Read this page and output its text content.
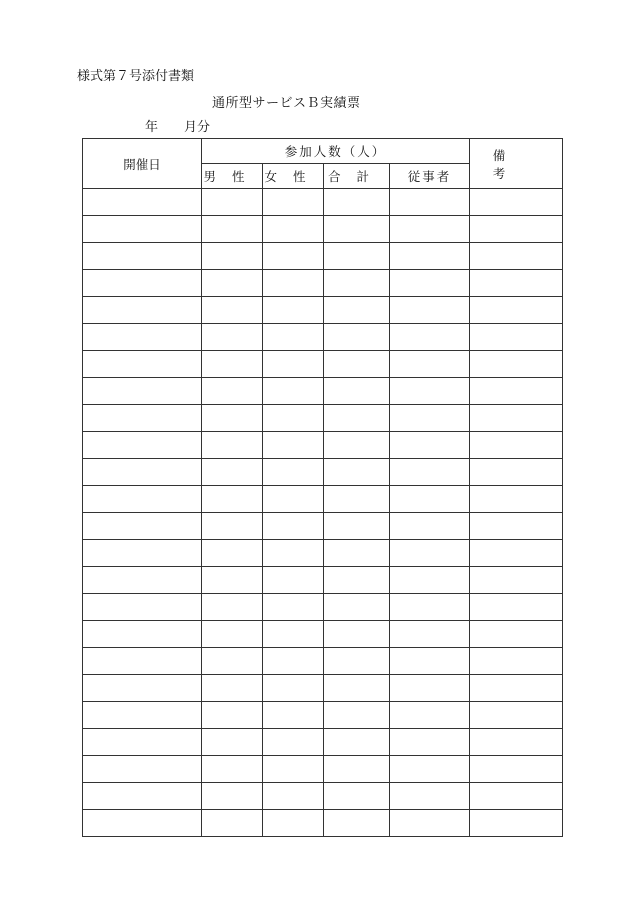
様式第７号添付書類
通所型サービスＢ実績票
年 月分
開催日	参加人数（人）				備考
	男性	女性	合計	従事者	
